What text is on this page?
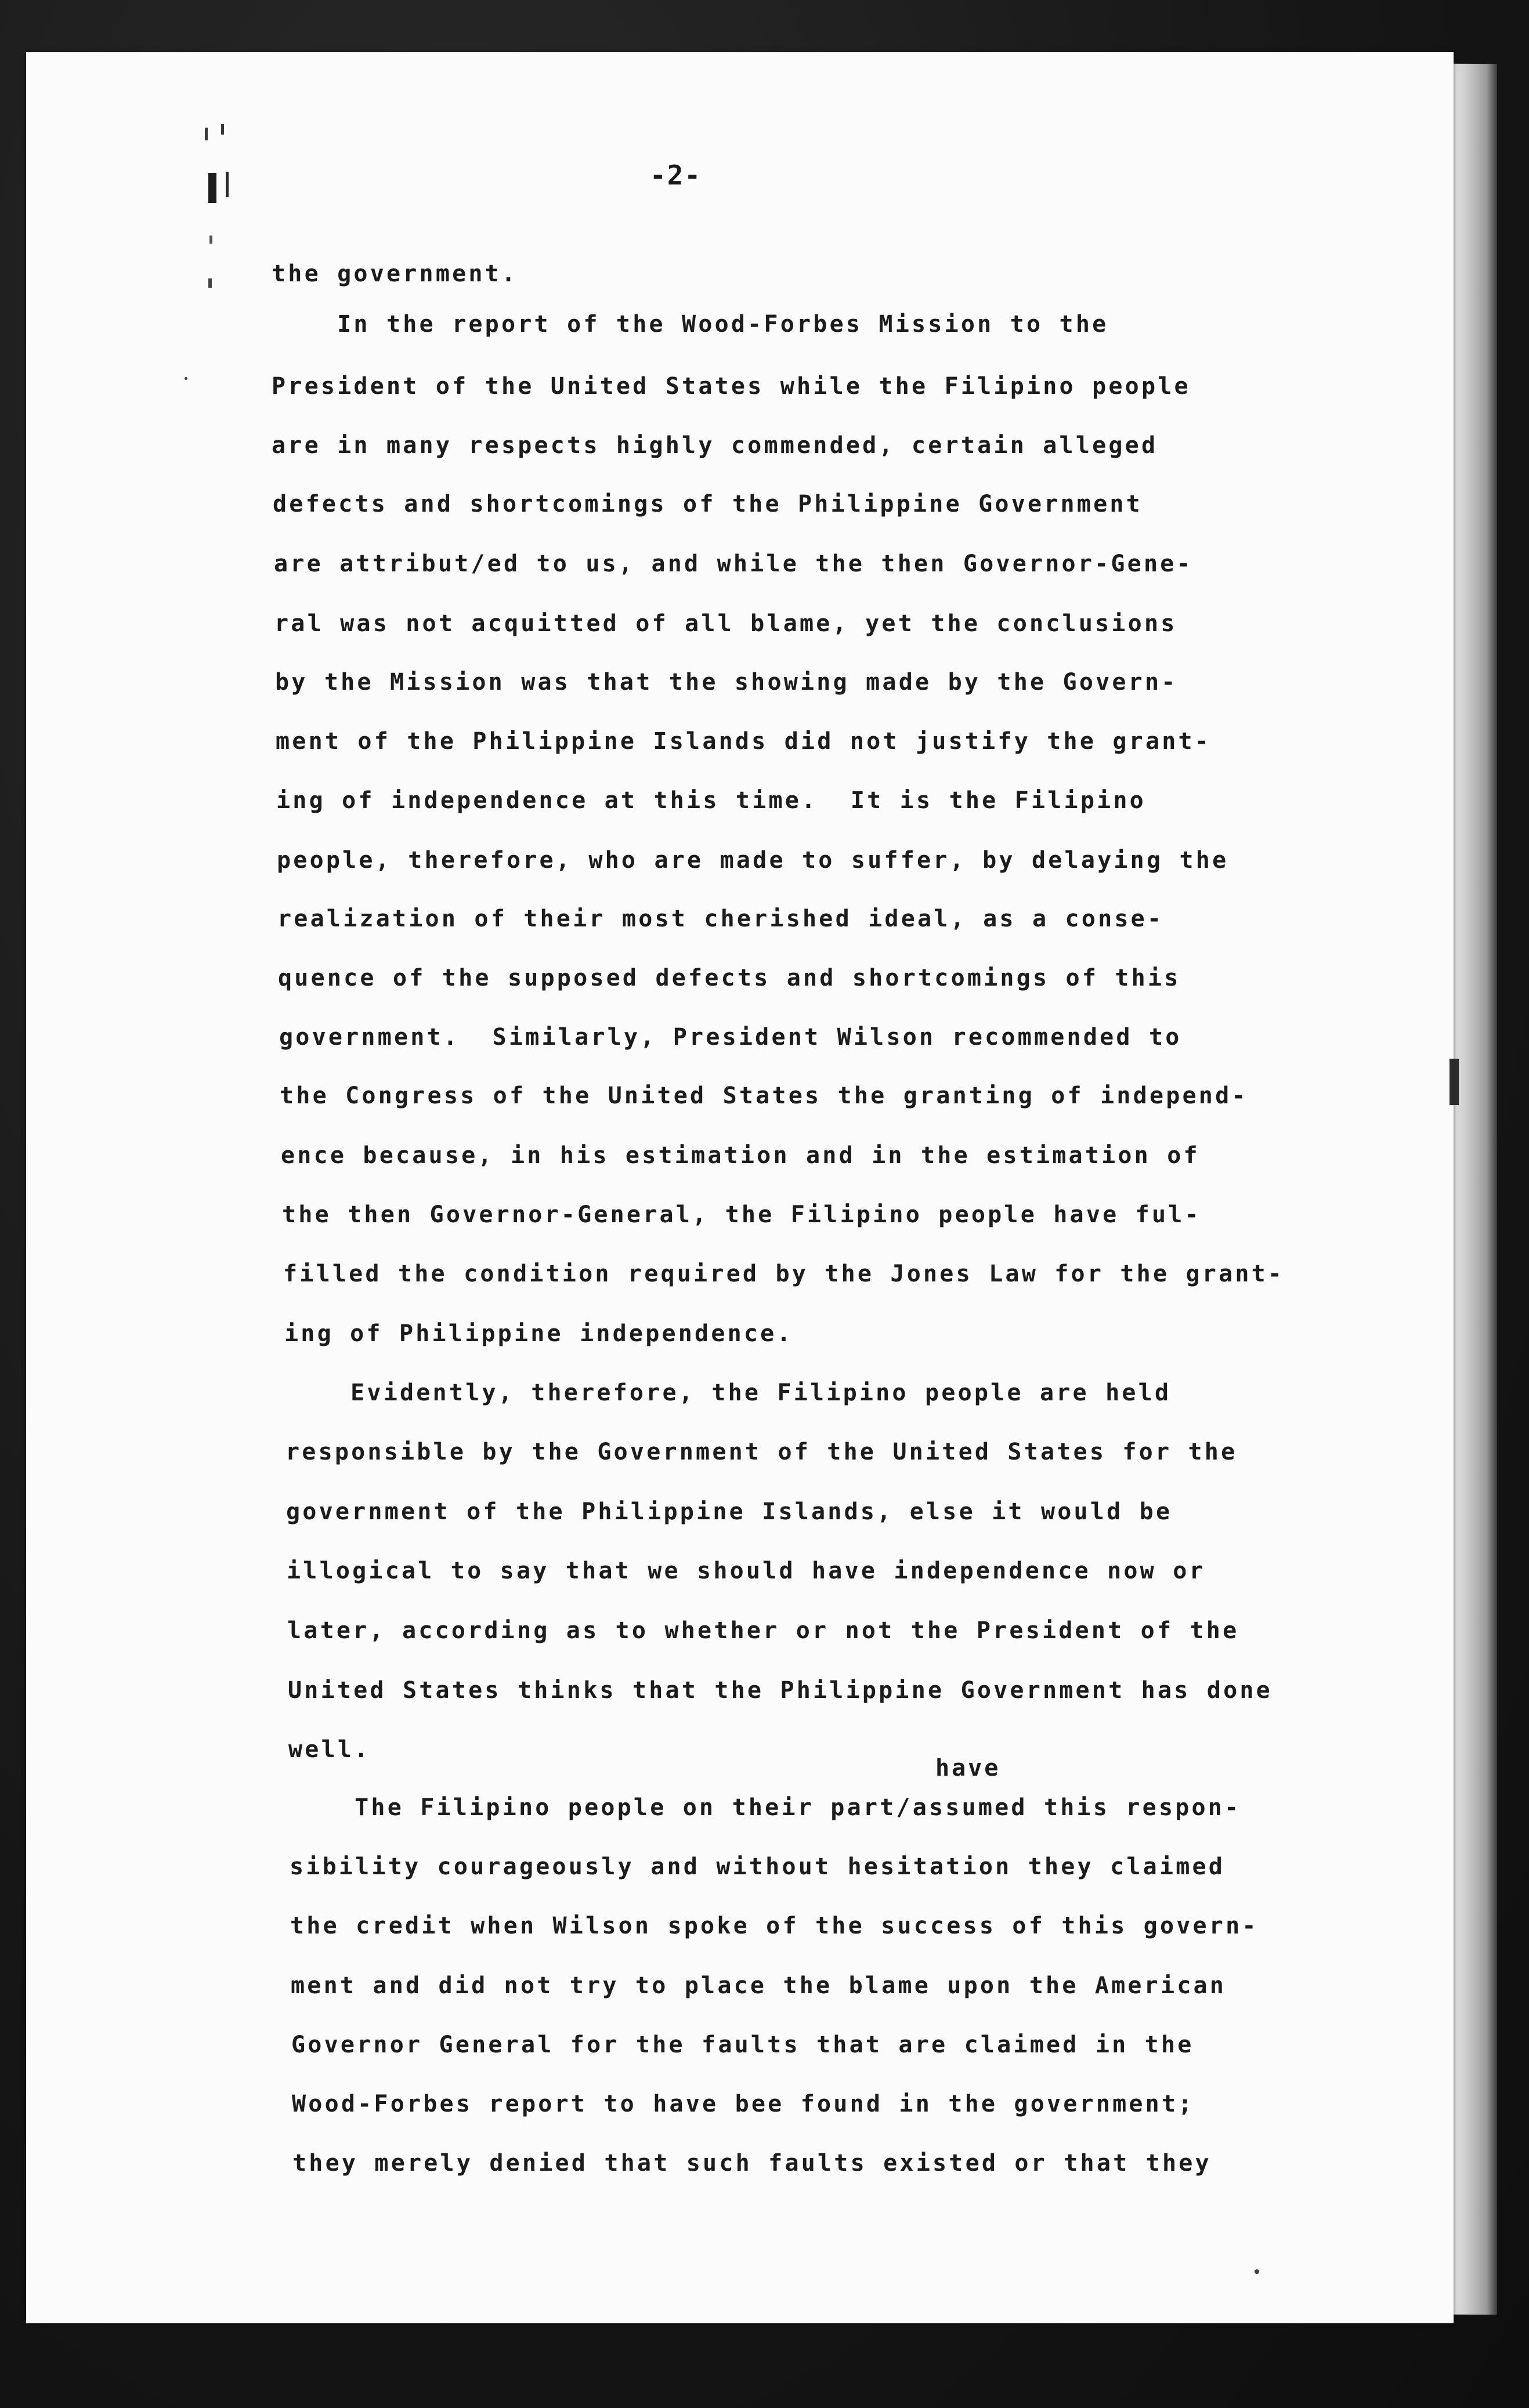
-2-
have
the government.
In the report of the Wood-Forbes Mission to the
President of the United States while the Filipino people
are in many respects highly commended, certain alleged
defects and shortcomings of the Philippine Government
are attribut/ed to us, and while the then Governor-Gene-
ral was not acquitted of all blame, yet the conclusions
by the Mission was that the showing made by the Govern-
ment of the Philippine Islands did not justify the grant-
ing of independence at this time.  It is the Filipino
people, therefore, who are made to suffer, by delaying the
realization of their most cherished ideal, as a conse-
quence of the supposed defects and shortcomings of this
government.  Similarly, President Wilson recommended to
the Congress of the United States the granting of independ-
ence because, in his estimation and in the estimation of
the then Governor-General, the Filipino people have ful-
filled the condition required by the Jones Law for the grant-
ing of Philippine independence.
Evidently, therefore, the Filipino people are held
responsible by the Government of the United States for the
government of the Philippine Islands, else it would be
illogical to say that we should have independence now or
later, according as to whether or not the President of the
United States thinks that the Philippine Government has done
well.
The Filipino people on their part/assumed this respon-
sibility courageously and without hesitation they claimed
the credit when Wilson spoke of the success of this govern-
ment and did not try to place the blame upon the American
Governor General for the faults that are claimed in the
Wood-Forbes report to have bee found in the government;
they merely denied that such faults existed or that they
